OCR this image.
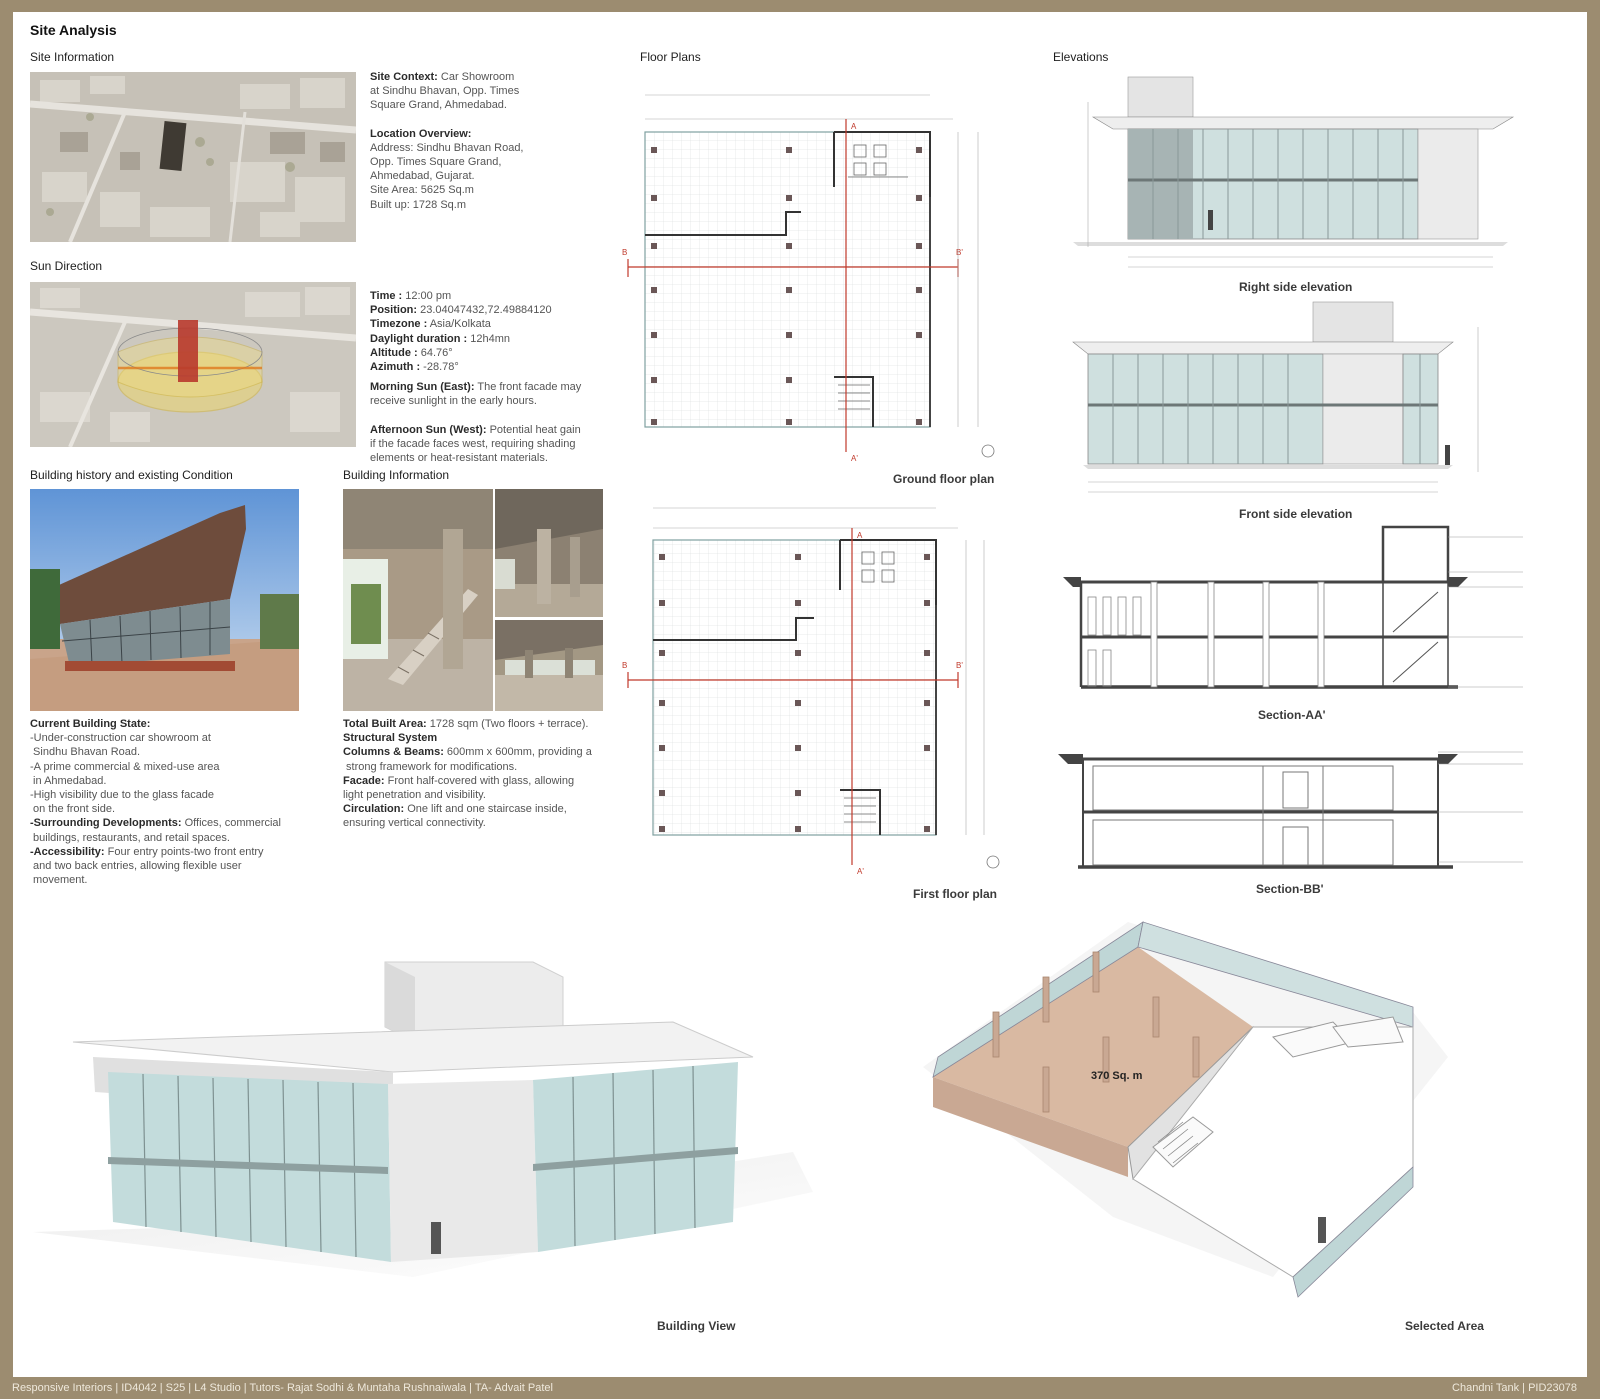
Site Analysis
Site Information
Site Context: Car Showroom
at Sindhu Bhavan, Opp. Times
Square Grand, Ahmedabad.
Location Overview:
Address: Sindhu Bhavan Road,
Opp. Times Square Grand,
Ahmedabad, Gujarat.
Site Area: 5625 Sq.m
Built up: 1728 Sq.m
Sun Direction
Time : 12:00 pm
Position: 23.04047432,72.49884120
Timezone : Asia/Kolkata
Daylight duration : 12h4mn
Altitude : 64.76°
Azimuth : -28.78°
Morning Sun (East): The front facade may
receive sunlight in the early hours.
Afternoon Sun (West): Potential heat gain
if the facade faces west, requiring shading
elements or heat-resistant materials.
Building history and existing Condition
Current Building State:
-Under-construction car showroom at
Sindhu Bhavan Road.
-A prime commercial & mixed-use area
in Ahmedabad.
-High visibility due to the glass facade
on the front side.
-Surrounding Developments: Offices, commercial
buildings, restaurants, and retail spaces.
-Accessibility: Four entry points-two front entry
and two back entries, allowing flexible user
movement.
Building Information
Total Built Area: 1728 sqm (Two floors + terrace).
Structural System
Columns & Beams: 600mm x 600mm, providing a
strong framework for modifications.
Facade: Front half-covered with glass, allowing
light penetration and visibility.
Circulation: One lift and one staircase inside,
ensuring vertical connectivity.
Floor Plans
A
A'
B	B'
Ground floor plan
A
A'
B	B'
First floor plan
Elevations
Right side elevation
Front side elevation
Section-AA'
Section-BB'
Building View
370 Sq. m
Selected Area
Responsive Interiors | ID4042 | S25 | L4 Studio | Tutors- Rajat Sodhi & Muntaha Rushnaiwala | TA- Advait Patel	Chandni Tank | PID23078
